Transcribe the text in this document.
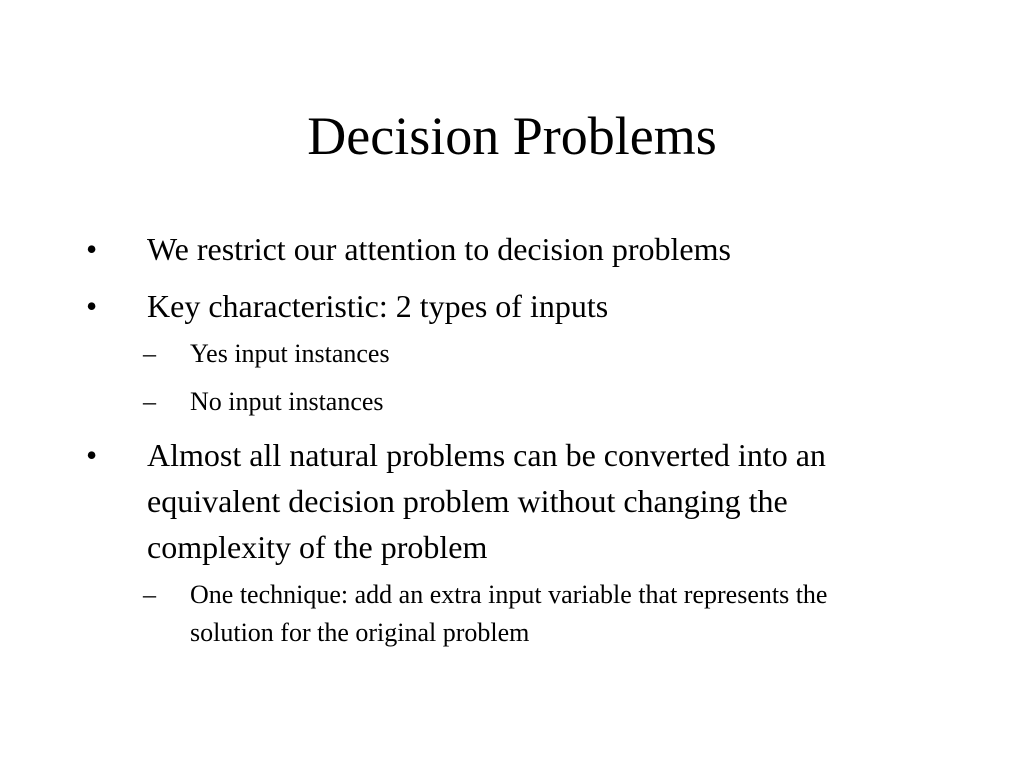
Decision Problems
• We restrict our attention to decision problems
• Key characteristic: 2 types of inputs
– Yes input instances
– No input instances
• Almost all natural problems can be converted into an equivalent decision problem without changing the complexity of the problem
– One technique: add an extra input variable that represents the solution for the original problem
